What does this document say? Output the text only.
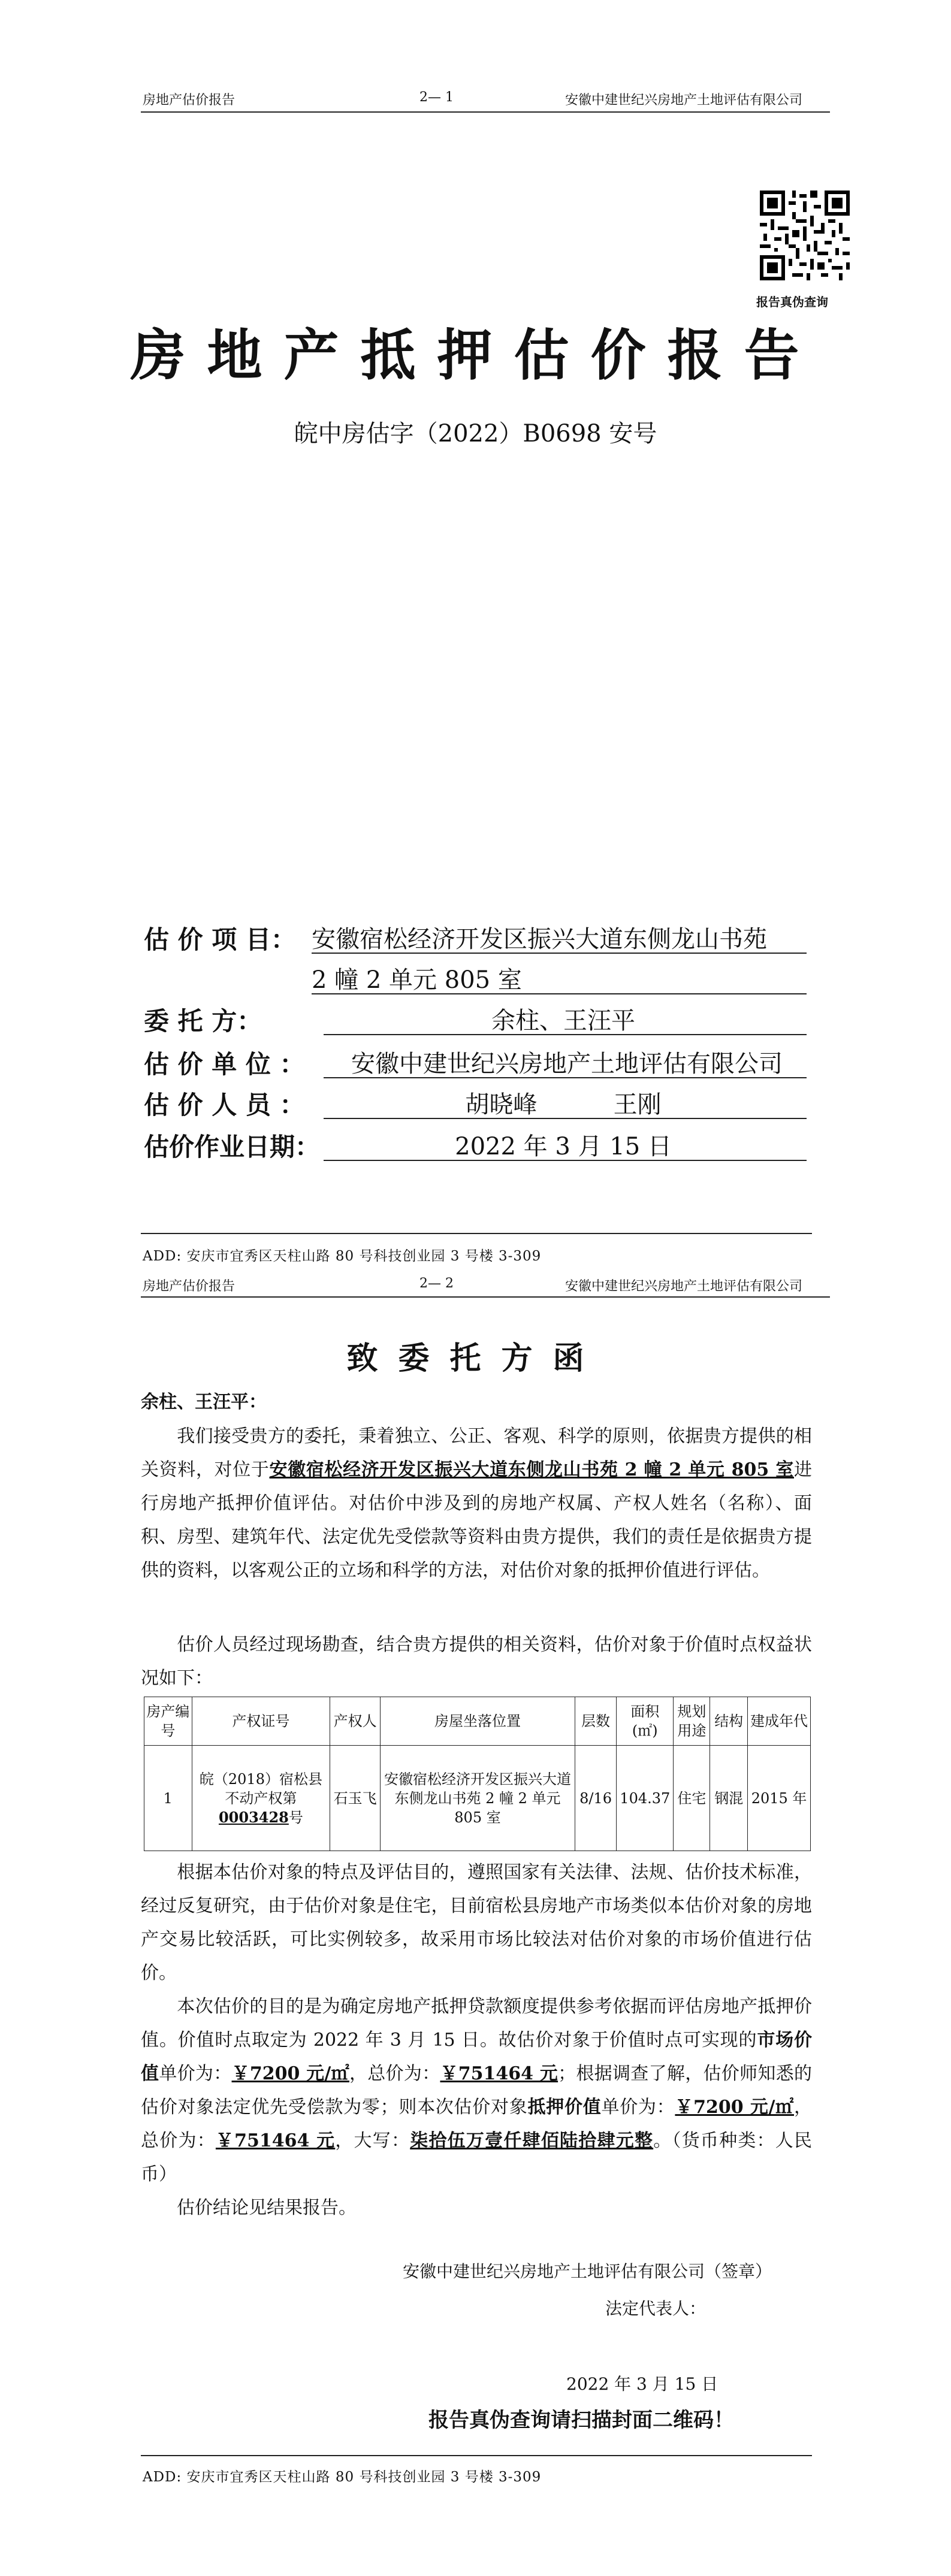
房地产估价报告	2— 1	安徽中建世纪兴房地产土地评估有限公司
报告真伪查询
房地产抵押估价报告
皖中房估字（2022）B0698 安号
估 价 项 目： 安徽宿松经济开发区振兴大道东侧龙山书苑
2 幢 2 单元 805 室
委 托 方：	余柱、王汪平
估 价 单 位 ：	安徽中建世纪兴房地产土地评估有限公司
估 价 人 员 ：	胡晓峰          王刚
估价作业日期：	2022 年 3 月 15 日
ADD: 安庆市宜秀区天柱山路 80 号科技创业园 3 号楼 3-309
房地产估价报告	2— 2	安徽中建世纪兴房地产土地评估有限公司
致委托方函
余柱、王汪平：
我们接受贵方的委托，秉着独立、公正、客观、科学的原则，依据贵方提供的相关资料，对位于安徽宿松经济开发区振兴大道东侧龙山书苑 2 幢 2 单元 805 室进行房地产抵押价值评估。对估价中涉及到的房地产权属、产权人姓名（名称）、面积、房型、建筑年代、法定优先受偿款等资料由贵方提供，我们的责任是依据贵方提供的资料，以客观公正的立场和科学的方法，对估价对象的抵押价值进行评估。
估价人员经过现场勘查，结合贵方提供的相关资料，估价对象于价值时点权益状况如下：
房产编号	产权证号	产权人	房屋坐落位置	层数	面积(㎡)	规划用途	结构	建成年代
1	皖（2018）宿松县不动产权第0003428号	石玉飞	安徽宿松经济开发区振兴大道东侧龙山书苑 2 幢 2 单元 805 室	8/16	104.37	住宅	钢混	2015 年
根据本估价对象的特点及评估目的，遵照国家有关法律、法规、估价技术标准，经过反复研究，由于估价对象是住宅，目前宿松县房地产市场类似本估价对象的房地产交易比较活跃，可比实例较多，故采用市场比较法对估价对象的市场价值进行估价。
本次估价的目的是为确定房地产抵押贷款额度提供参考依据而评估房地产抵押价值。价值时点取定为 2022 年 3 月 15 日。故估价对象于价值时点可实现的市场价值单价为：￥7200 元/㎡，总价为：￥751464 元；根据调查了解，估价师知悉的估价对象法定优先受偿款为零；则本次估价对象抵押价值单价为：￥7200 元/㎡，总价为：￥751464 元，大写：柒拾伍万壹仟肆佰陆拾肆元整。（货币种类：人民币）
估价结论见结果报告。
安徽中建世纪兴房地产土地评估有限公司（签章）
法定代表人：
2022 年 3 月 15 日
报告真伪查询请扫描封面二维码！
ADD: 安庆市宜秀区天柱山路 80 号科技创业园 3 号楼 3-309
